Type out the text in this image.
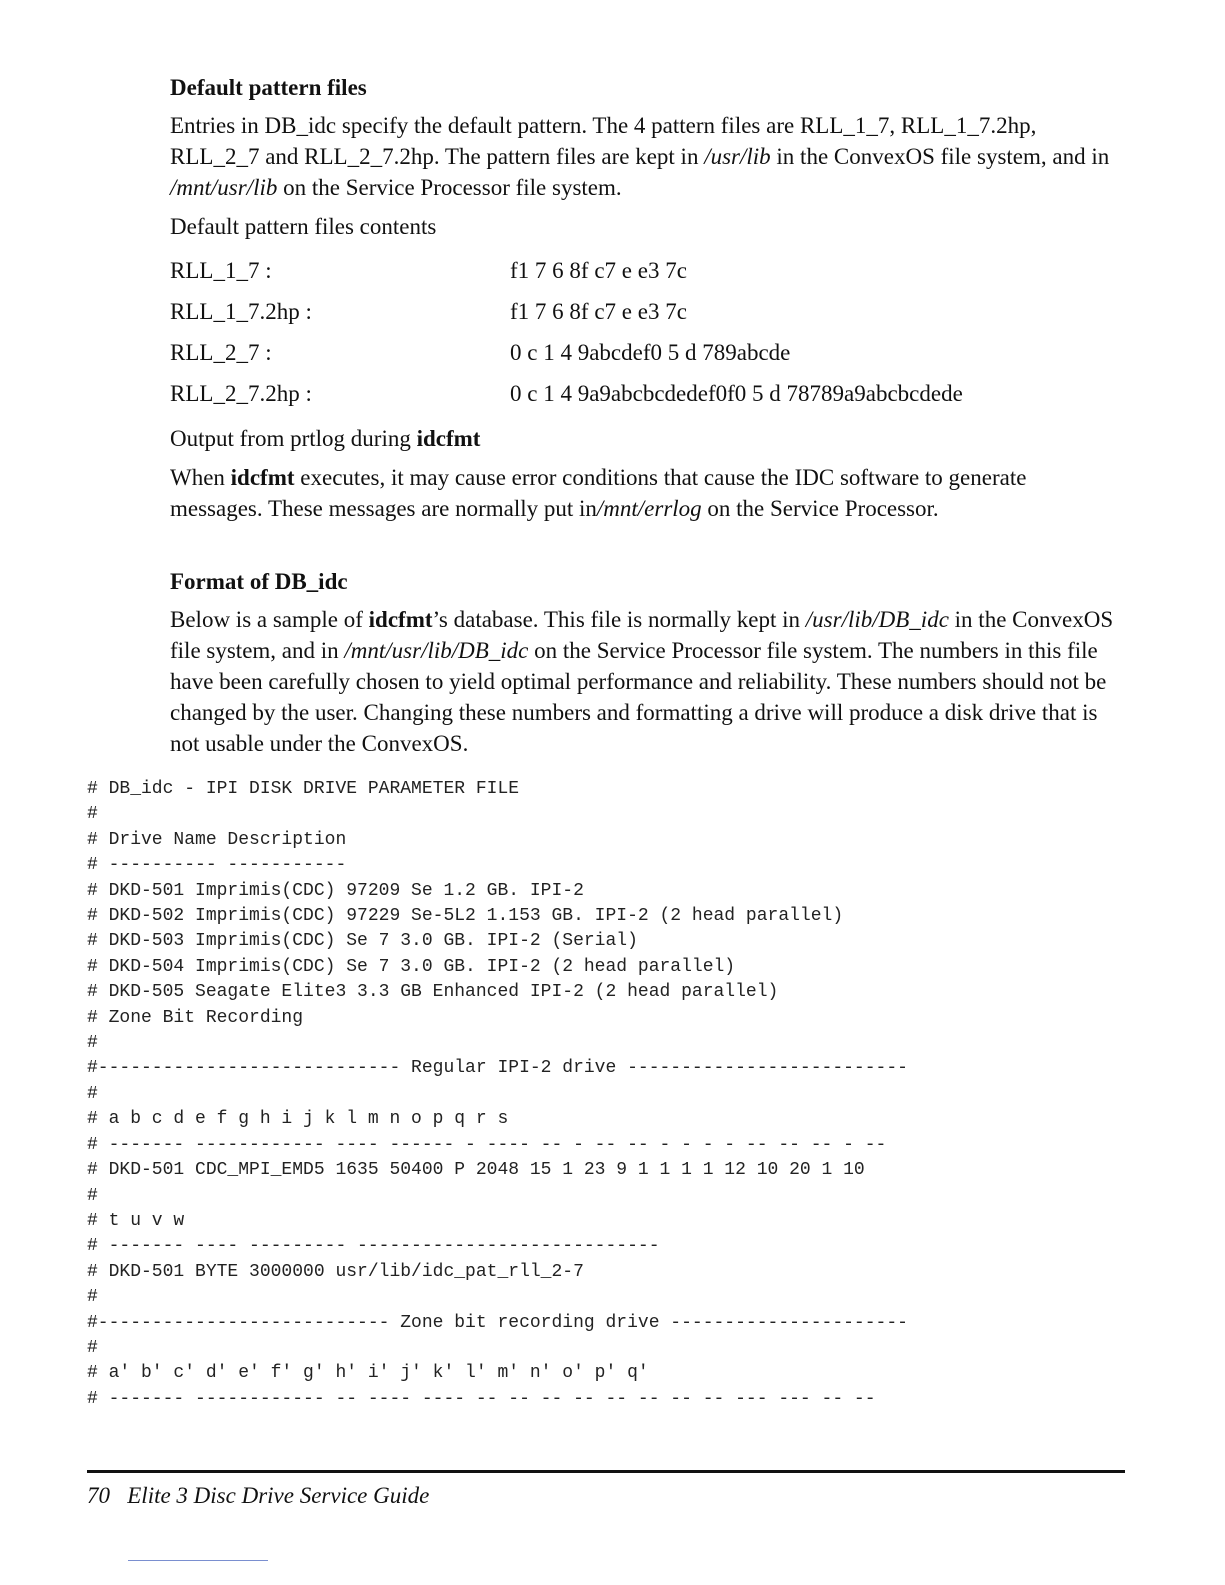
Default pattern files
Entries in DB_idc specify the default pattern. The 4 pattern files are RLL_1_7, RLL_1_7.2hp, RLL_2_7 and RLL_2_7.2hp. The pattern files are kept in /usr/lib in the ConvexOS file system, and in /mnt/usr/lib on the Service Processor file system.
Default pattern files contents
RLL_1_7 :	f1 7 6 8f c7 e e3 7c
RLL_1_7.2hp :	f1 7 6 8f c7 e e3 7c
RLL_2_7 :	0 c 1 4 9abcdef0 5 d 789abcde
RLL_2_7.2hp :	0 c 1 4 9a9abcbcdedef0f0 5 d 78789a9abcbcdede
Output from prtlog during idcfmt
When idcfmt executes, it may cause error conditions that cause the IDC software to generate messages. These messages are normally put in/mnt/errlog on the Service Processor.
Format of DB_idc
Below is a sample of idcfmt’s database. This file is normally kept in /usr/lib/DB_idc in the ConvexOS file system, and in /mnt/usr/lib/DB_idc on the Service Processor file system. The numbers in this file have been carefully chosen to yield optimal performance and reliability. These numbers should not be changed by the user. Changing these numbers and formatting a drive will produce a disk drive that is not usable under the ConvexOS.
# DB_idc - IPI DISK DRIVE PARAMETER FILE
#
# Drive Name Description
# ---------- -----------
# DKD-501 Imprimis(CDC) 97209 Se 1.2 GB. IPI-2
# DKD-502 Imprimis(CDC) 97229 Se-5L2 1.153 GB. IPI-2 (2 head parallel)
# DKD-503 Imprimis(CDC) Se 7 3.0 GB. IPI-2 (Serial)
# DKD-504 Imprimis(CDC) Se 7 3.0 GB. IPI-2 (2 head parallel)
# DKD-505 Seagate Elite3 3.3 GB Enhanced IPI-2 (2 head parallel)
# Zone Bit Recording
#
#---------------------------- Regular IPI-2 drive --------------------------
#
# a b c d e f g h i j k l m n o p q r s
# ------- ------------ ---- ------ - ---- -- - -- -- - - - - -- -- -- - --
# DKD-501 CDC_MPI_EMD5 1635 50400 P 2048 15 1 23 9 1 1 1 1 12 10 20 1 10
#
# t u v w
# ------- ---- --------- ----------------------------
# DKD-501 BYTE 3000000 usr/lib/idc_pat_rll_2-7
#
#--------------------------- Zone bit recording drive ----------------------
#
# a' b' c' d' e' f' g' h' i' j' k' l' m' n' o' p' q'
# ------- ------------ -- ---- ---- -- -- -- -- -- -- -- -- --- --- -- --

70 Elite 3 Disc Drive Service Guide
